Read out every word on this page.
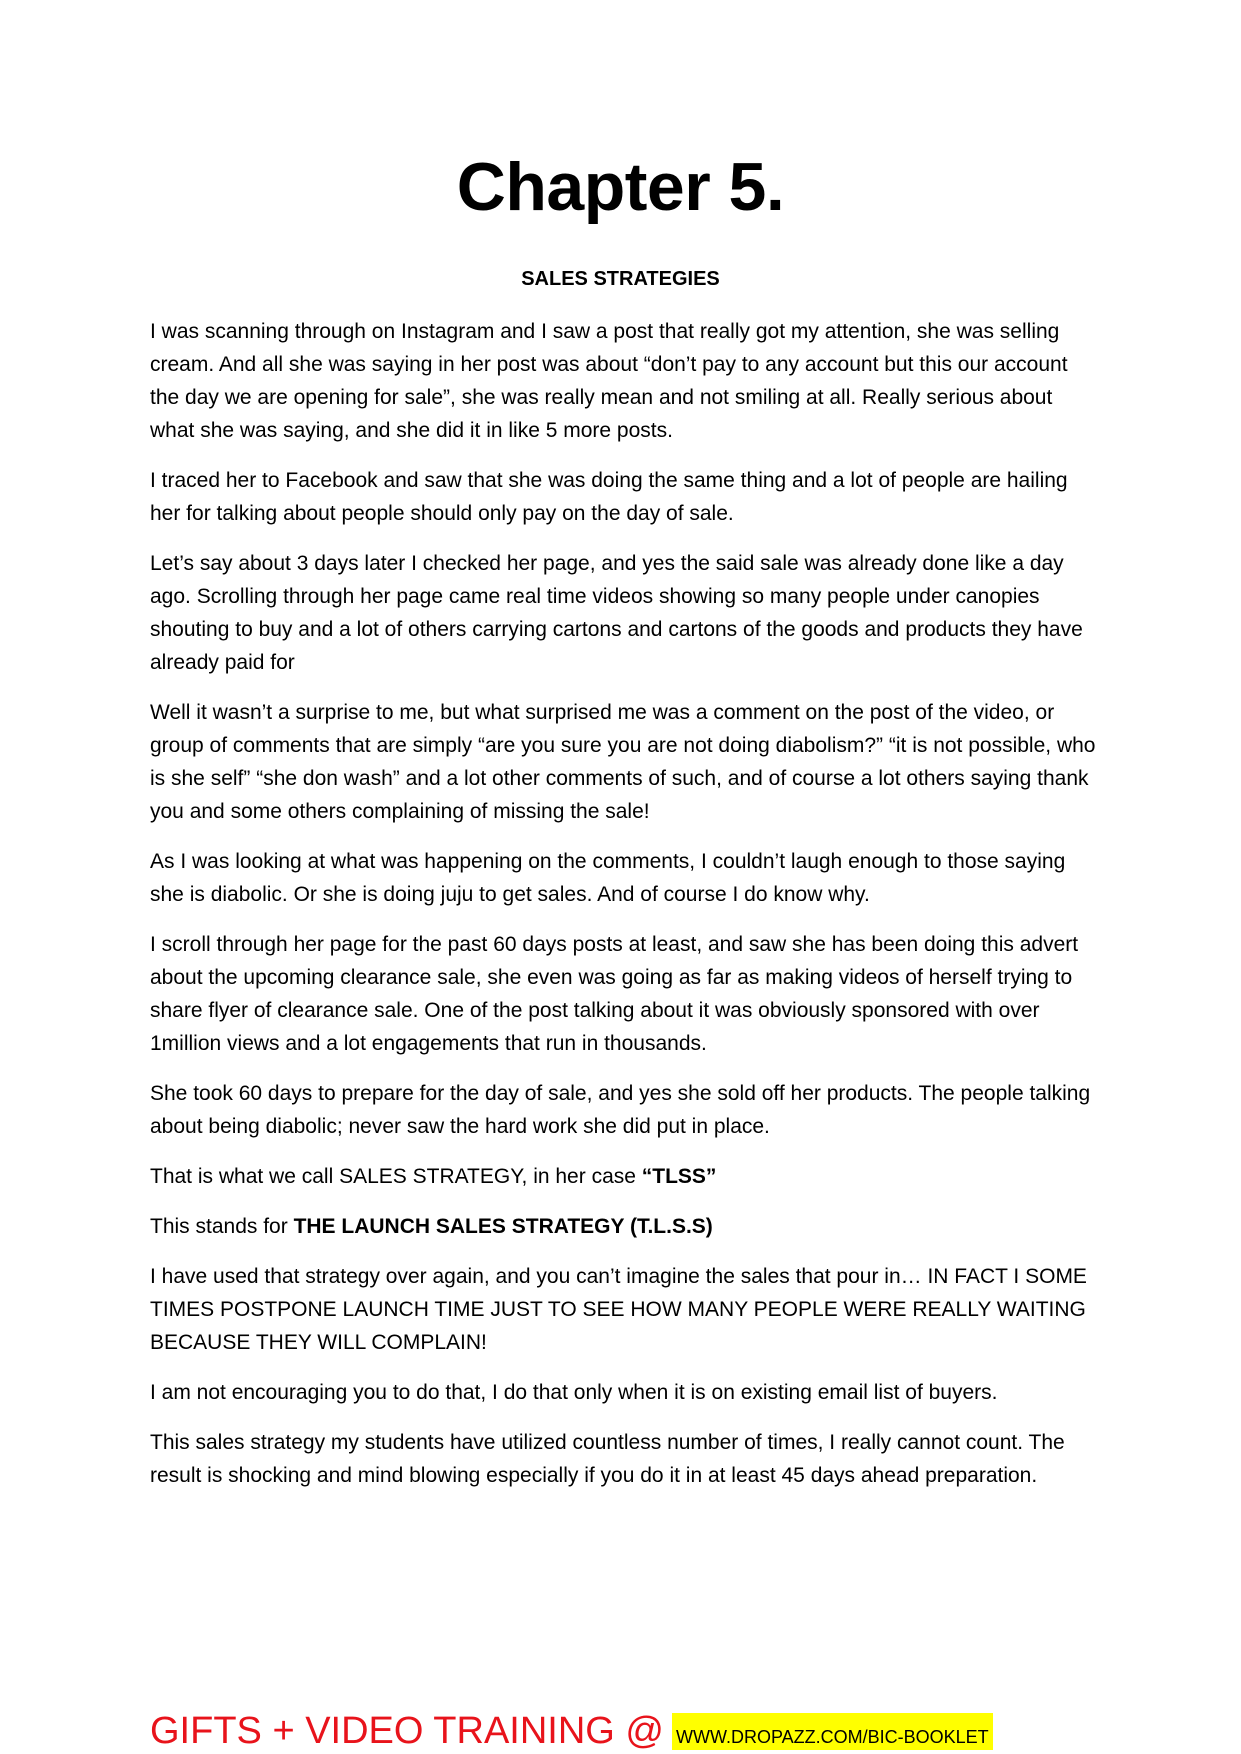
Chapter 5.
SALES STRATEGIES

I was scanning through on Instagram and I saw a post that really got my attention, she was selling cream. And all she was saying in her post was about “don’t pay to any account but this our account the day we are opening for sale”, she was really mean and not smiling at all. Really serious about what she was saying, and she did it in like 5 more posts.

I traced her to Facebook and saw that she was doing the same thing and a lot of people are hailing her for talking about people should only pay on the day of sale.

Let’s say about 3 days later I checked her page, and yes the said sale was already done like a day ago. Scrolling through her page came real time videos showing so many people under canopies shouting to buy and a lot of others carrying cartons and cartons of the goods and products they have already paid for

Well it wasn’t a surprise to me, but what surprised me was a comment on the post of the video, or group of comments that are simply “are you sure you are not doing diabolism?” “it is not possible, who is she self” “she don wash” and a lot other comments of such, and of course a lot others saying thank you and some others complaining of missing the sale!

As I was looking at what was happening on the comments, I couldn’t laugh enough to those saying she is diabolic. Or she is doing juju to get sales. And of course I do know why.

I scroll through her page for the past 60 days posts at least, and saw she has been doing this advert about the upcoming clearance sale, she even was going as far as making videos of herself trying to share flyer of clearance sale. One of the post talking about it was obviously sponsored with over 1million views and a lot engagements that run in thousands.

She took 60 days to prepare for the day of sale, and yes she sold off her products. The people talking about being diabolic; never saw the hard work she did put in place.

That is what we call SALES STRATEGY, in her case “TLSS”

This stands for THE LAUNCH SALES STRATEGY (T.L.S.S)

I have used that strategy over again, and you can’t imagine the sales that pour in… IN FACT I SOME TIMES POSTPONE LAUNCH TIME JUST TO SEE HOW MANY PEOPLE WERE REALLY WAITING BECAUSE THEY WILL COMPLAIN!

I am not encouraging you to do that, I do that only when it is on existing email list of buyers.

This sales strategy my students have utilized countless number of times, I really cannot count. The result is shocking and mind blowing especially if you do it in at least 45 days ahead preparation.

GIFTS + VIDEO TRAINING @ WWW.DROPAZZ.COM/BIC-BOOKLET
